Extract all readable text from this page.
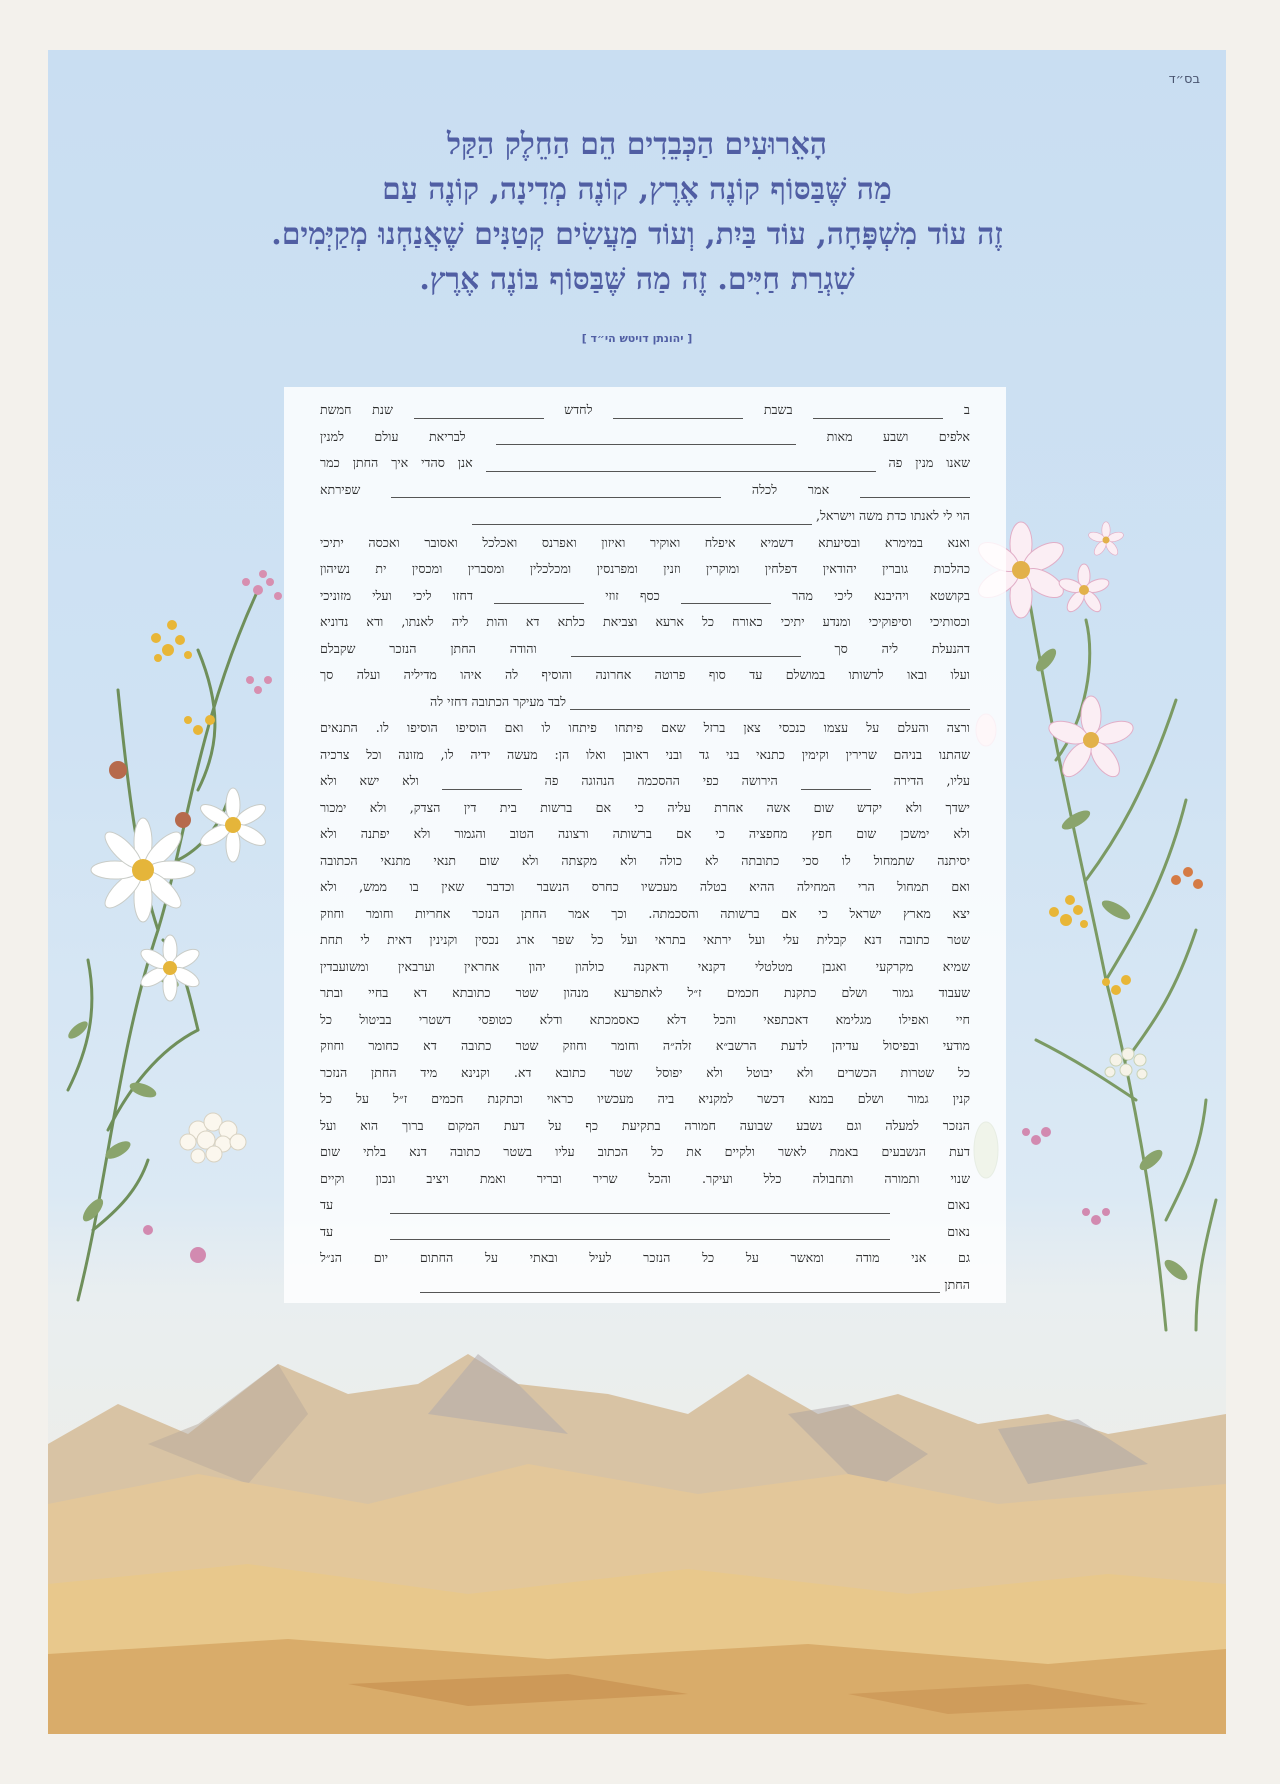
בס״ד
הָאֵרוּעִים הַכְּבֵדִים הֵם הַחֵלֶק הַקַּל
מַה שֶּׁבַּסּוֹף קוֹנֶה אֶרֶץ, קוֹנֶה מְדִינָה, קוֹנֶה עַם
זֶה עוֹד מִשְׁפָּחָה, עוֹד בַּיִת, וְעוֹד מַעֲשִׂים קְטַנִּים שֶׁאֲנַחְנוּ מְקַיְּמִים.
שִׁגְרַת חַיִּים. זֶה מַה שֶּׁבַּסּוֹף בּוֹנֶה אֶרֶץ.
[ יהונתן דויטש הי״ד ]
ב  בשבת  לחדש  שנת חמשת
אלפים ושבע מאות  לבריאת עולם למנין
שאנו מנין פה  אנן סהדי איך החתן כמר
אמר לכלה  שפירתא
הוי לי לאנתו כדת משה וישראל,
ואנא במימרא ובסיעתא דשמיא איפלח ואוקיר ואיזון ואפרנס ואכלכל ואסובר ואכסה יתיכי
כהלכות גוברין יהודאין דפלחין ומוקרין וזנין ומפרנסין ומכלכלין ומסברין ומכסין ית נשיהון
בקושטא ויהיבנא ליכי מהר  כסף זוזי  דחזו ליכי ועלי מזוניכי
וכסותיכי וסיפוקיכי ומנדע יתיכי כאורח כל ארעא וצביאת כלתא דא והות ליה לאנתו, ודא נדוניא
דהנעלת ליה סך  והודה החתן הנזכר שקבלם
ועלו ובאו לרשותו במושלם עד סוף פרוטה אחרונה והוסיף לה איהו מדיליה ועלה סך
לבד מעיקר הכתובה דחזי לה
ורצה והעלם על עצמו כנכסי צאן ברזל שאם פיתחו פיתחו לו ואם הוסיפו הוסיפו לו. התנאים
שהתנו בניהם שרירין וקימין כתנאי בני גד ובני ראובן ואלו הן: מעשה ידיה לו, מזונה וכל צרכיה
עליו, הדירה  הירושה כפי ההסכמה הנהוגה פה  ולא ישא ולא
ישדך ולא יקדש שום אשה אחרת עליה כי אם ברשות בית דין הצדק, ולא ימכור
ולא ימשכן שום חפץ מחפציה כי אם ברשותה ורצונה הטוב והגמור ולא יפתנה ולא
יסיתנה שתמחול לו סכי כתובתה לא כולה ולא מקצתה ולא שום תנאי מתנאי הכתובה
ואם תמחול הרי המחילה ההיא בטלה מעכשיו כחרס הנשבר וכדבר שאין בו ממש, ולא
יצא מארץ ישראל כי אם ברשותה והסכמתה. וכך אמר החתן הנזכר אחריות וחומר וחוזק
שטר כתובה דנא קבלית עלי ועל ירתאי בתראי ועל כל שפר ארג נכסין וקנינין דאית לי תחת
שמיא מקרקעי ואגבן מטלטלי דקנאי ודאקנה כולהון יהון אחראין וערבאין ומשועבדין
שעבוד גמור ושלם כתקנת חכמים ז״ל לאתפרעא מנהון שטר כתובתא דא בחיי ובתר
חיי ואפילו מגלימא דאכתפאי והכל דלא כאסמכתא ודלא כטופסי דשטרי בביטול כל
מודעי ובפיסול עדיהן לדעת הרשב״א זלה״ה וחומר וחוזק שטר כתובה דא כחומר וחוזק
כל שטרות הכשרים ולא יבוטל ולא יפוסל שטר כתובא דא. וקנינא מיד החתן הנזכר
קנין גמור ושלם במנא דכשר למקניא ביה מעכשיו כראוי וכתקנת חכמים ז״ל על כל
הנזכר למעלה וגם נשבע שבועה חמורה בתקיעת כף על דעת המקום ברוך הוא ועל
דעת הנשבעים באמת לאשר ולקיים את כל הכתוב עליו בשטר כתובה דנא בלתי שום
שנוי ותמורה ותחבולה כלל ועיקר. והכל שריר ובריר ואמת ויציב ונכון וקיים
נאום  עד
נאום  עד
גם אני מודה ומאשר על כל הנזכר לעיל ובאתי על החתום יום הנ״ל
החתן
